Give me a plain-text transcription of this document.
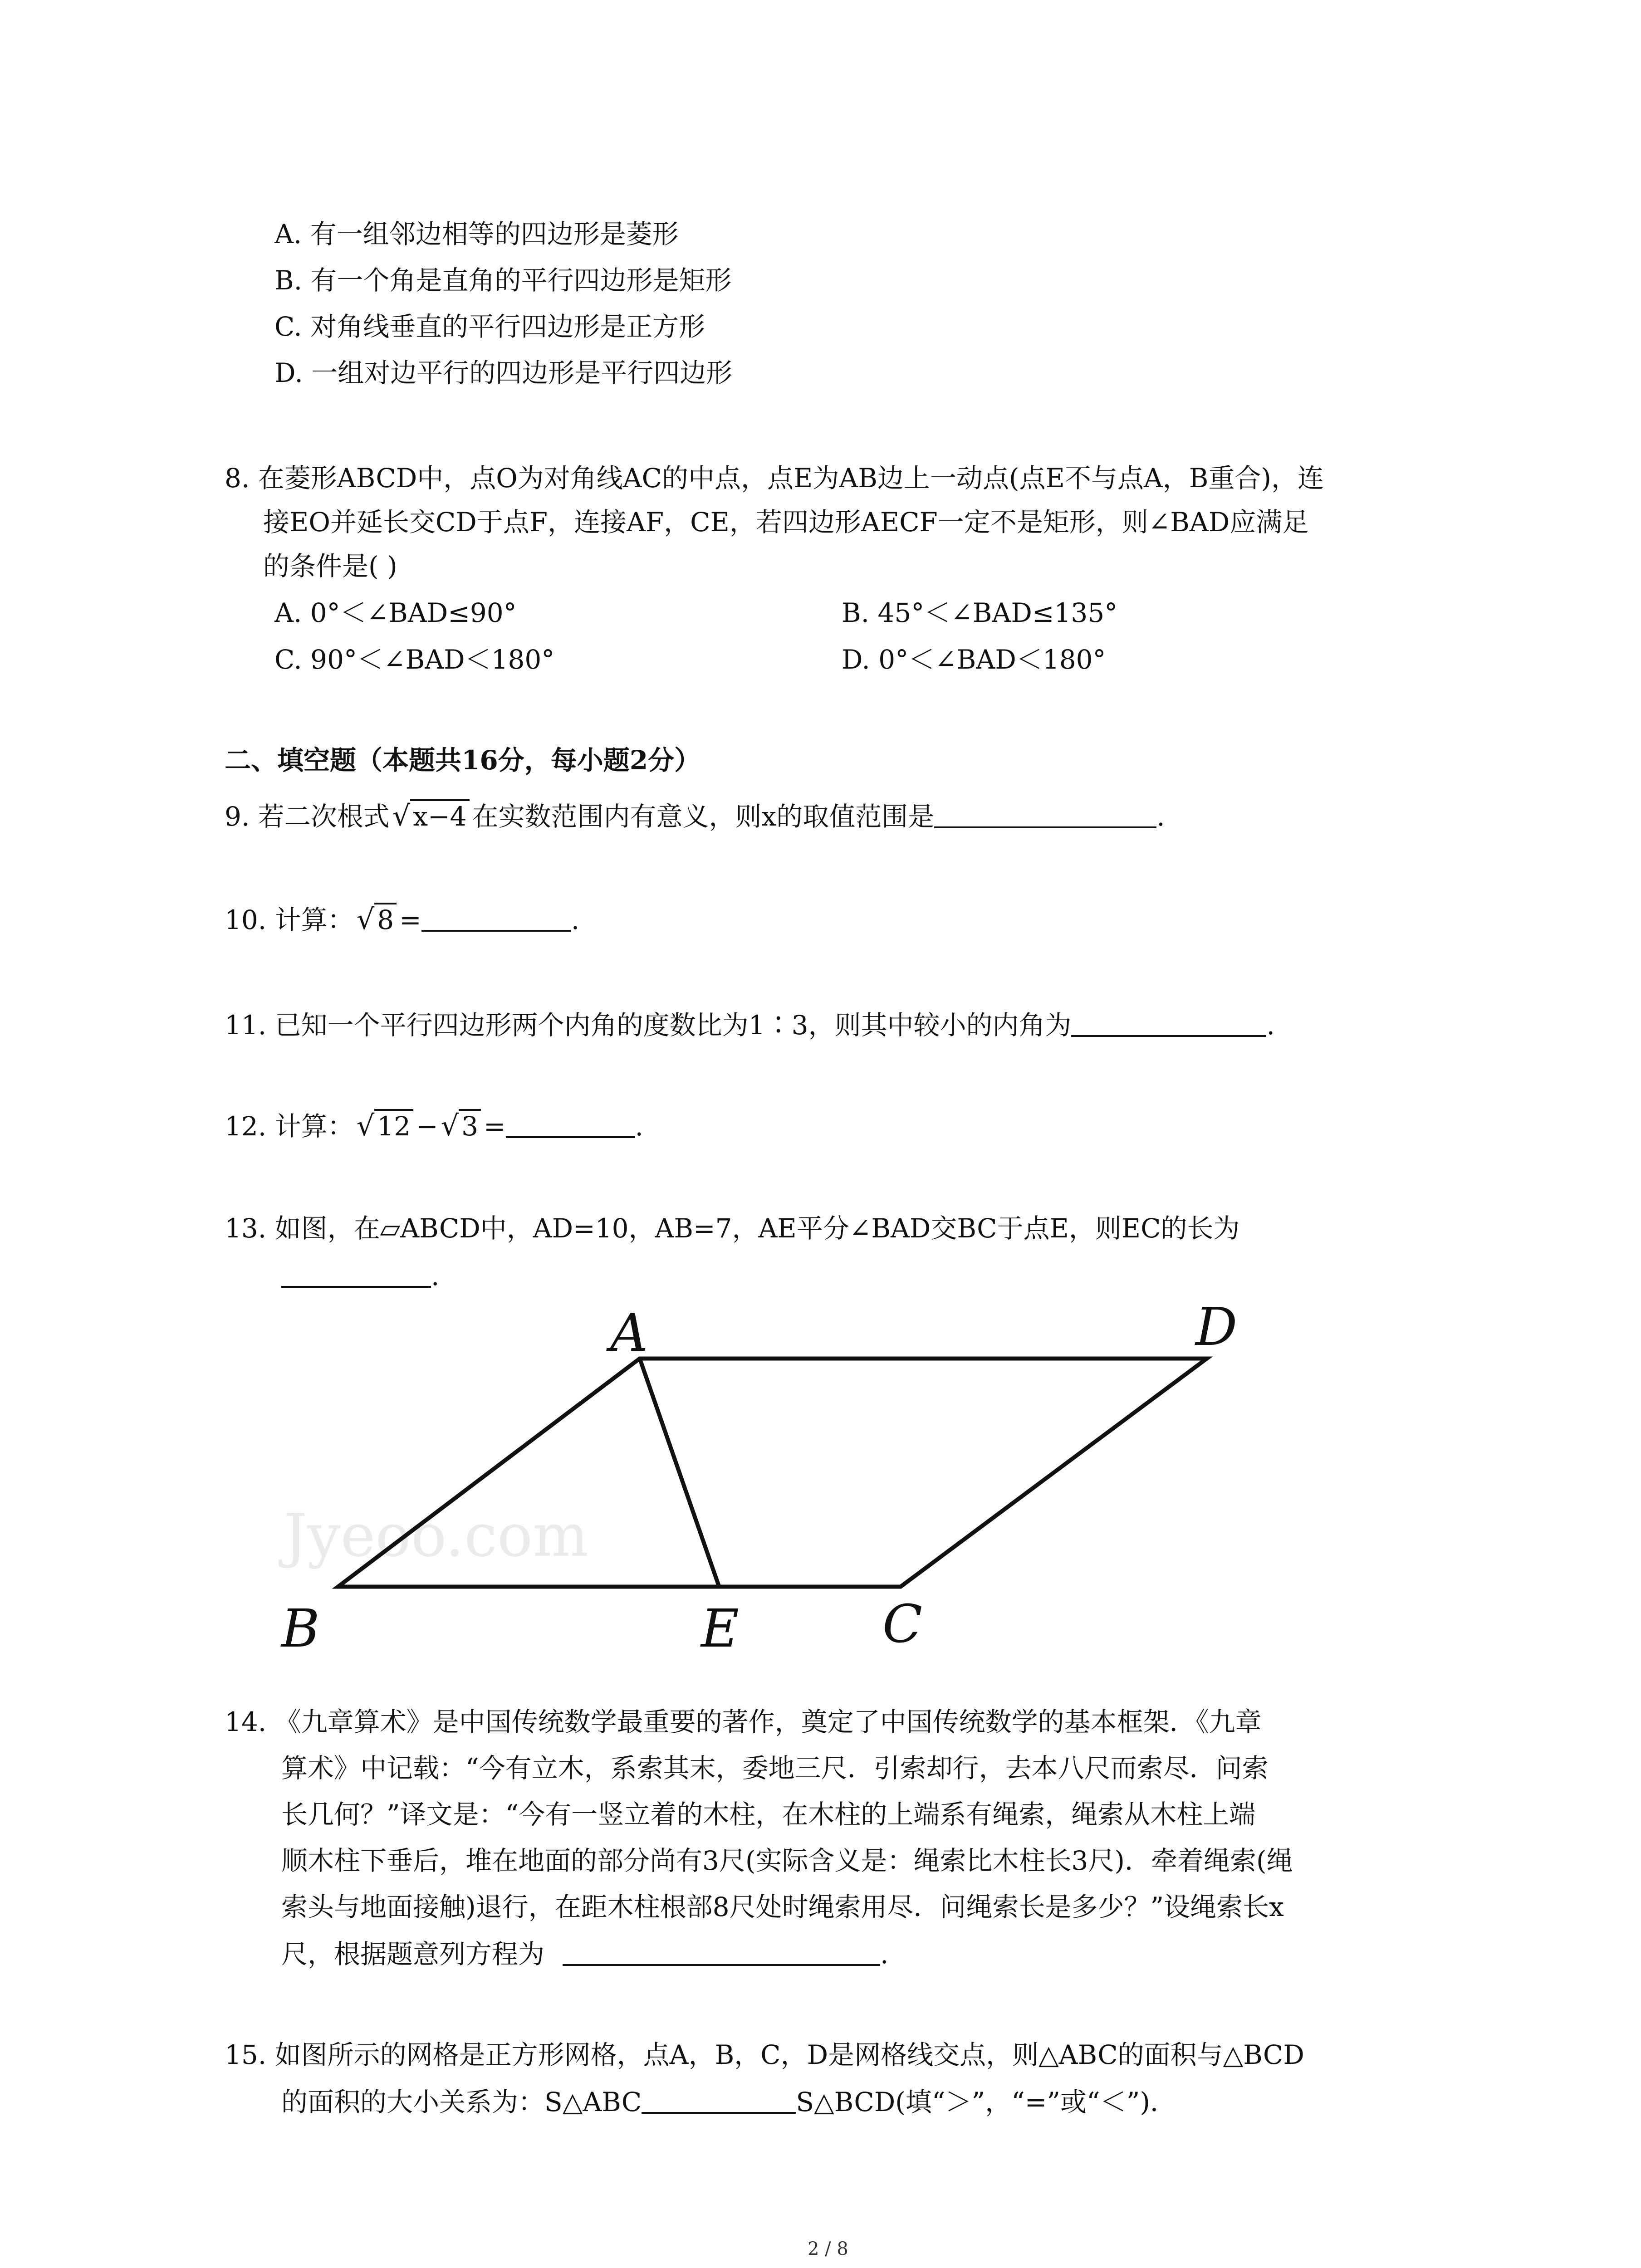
A. 有一组邻边相等的四边形是菱形
B. 有一个角是直角的平行四边形是矩形
C. 对角线垂直的平行四边形是正方形
D. 一组对边平行的四边形是平行四边形
8. 在菱形ABCD中，点O为对角线AC的中点，点E为AB边上一动点(点E不与点A，B重合)，连
接EO并延长交CD于点F，连接AF，CE，若四边形AECF一定不是矩形，则∠BAD应满足
的条件是( )
A. 0°＜∠BAD≤90°	B. 45°＜∠BAD≤135°
C. 90°＜∠BAD＜180°	D. 0°＜∠BAD＜180°
二、填空题（本题共16分，每小题2分）
9. 若二次根式√ x−4 在实数范围内有意义，则x的取值范围是	.
10. 计算：√ 8 =	.
11. 已知一个平行四边形两个内角的度数比为1∶3，则其中较小的内角为	.
12. 计算：√ 12 −√ 3 =	.
13. 如图，在▱ABCD中，AD=10，AB=7，AE平分∠BAD交BC于点E，则EC的长为
.
Jyeoo.com
A	D
B	E	C
14. 《九章算术》是中国传统数学最重要的著作，奠定了中国传统数学的基本框架．《九章
算术》中记载：“今有立木，系索其末，委地三尺．引索却行，去本八尺而索尽．问索
长几何？”译文是：“今有一竖立着的木柱，在木柱的上端系有绳索，绳索从木柱上端
顺木柱下垂后，堆在地面的部分尚有3尺(实际含义是：绳索比木柱长3尺)．牵着绳索(绳
索头与地面接触)退行，在距木柱根部8尺处时绳索用尽．问绳索长是多少？”设绳索长x
尺，根据题意列方程为	.
15. 如图所示的网格是正方形网格，点A，B，C，D是网格线交点，则△ABC的面积与△BCD
的面积的大小关系为：S△ABC	S△BCD(填“＞”，“=”或“＜”)．
2 / 8
